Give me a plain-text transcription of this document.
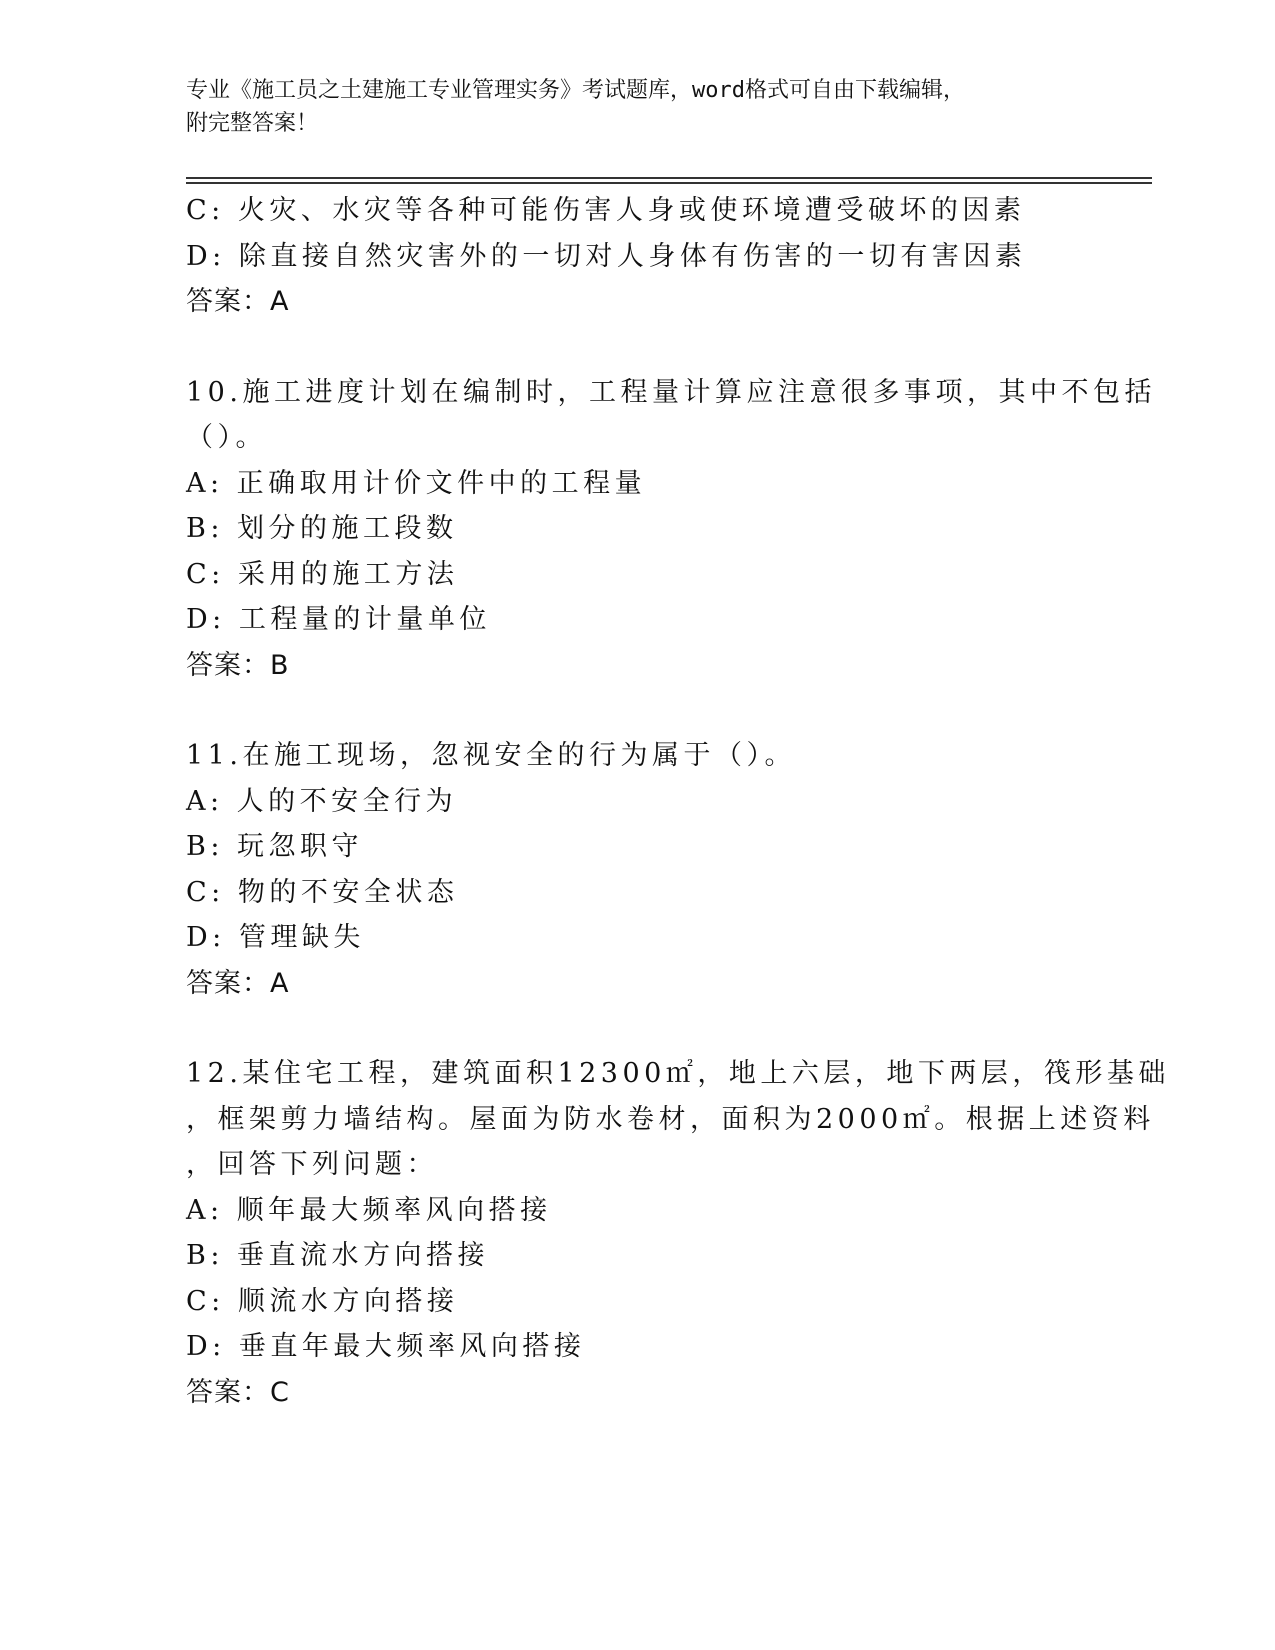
专业《施工员之土建施工专业管理实务》考试题库，word格式可自由下载编辑，
附完整答案！
C: 火灾、水灾等各种可能伤害人身或使环境遭受破坏的因素
D: 除直接自然灾害外的一切对人身体有伤害的一切有害因素
答案：A
10.施工进度计划在编制时，工程量计算应注意很多事项，其中不包括
（）。
A: 正确取用计价文件中的工程量
B: 划分的施工段数
C: 采用的施工方法
D: 工程量的计量单位
答案：B
11.在施工现场，忽视安全的行为属于（）。
A: 人的不安全行为
B: 玩忽职守
C: 物的不安全状态
D: 管理缺失
答案：A
12.某住宅工程，建筑面积12300㎡，地上六层，地下两层，筏形基础
，框架剪力墙结构。屋面为防水卷材，面积为2000㎡。根据上述资料
，回答下列问题：
A: 顺年最大频率风向搭接
B: 垂直流水方向搭接
C: 顺流水方向搭接
D: 垂直年最大频率风向搭接
答案：C
